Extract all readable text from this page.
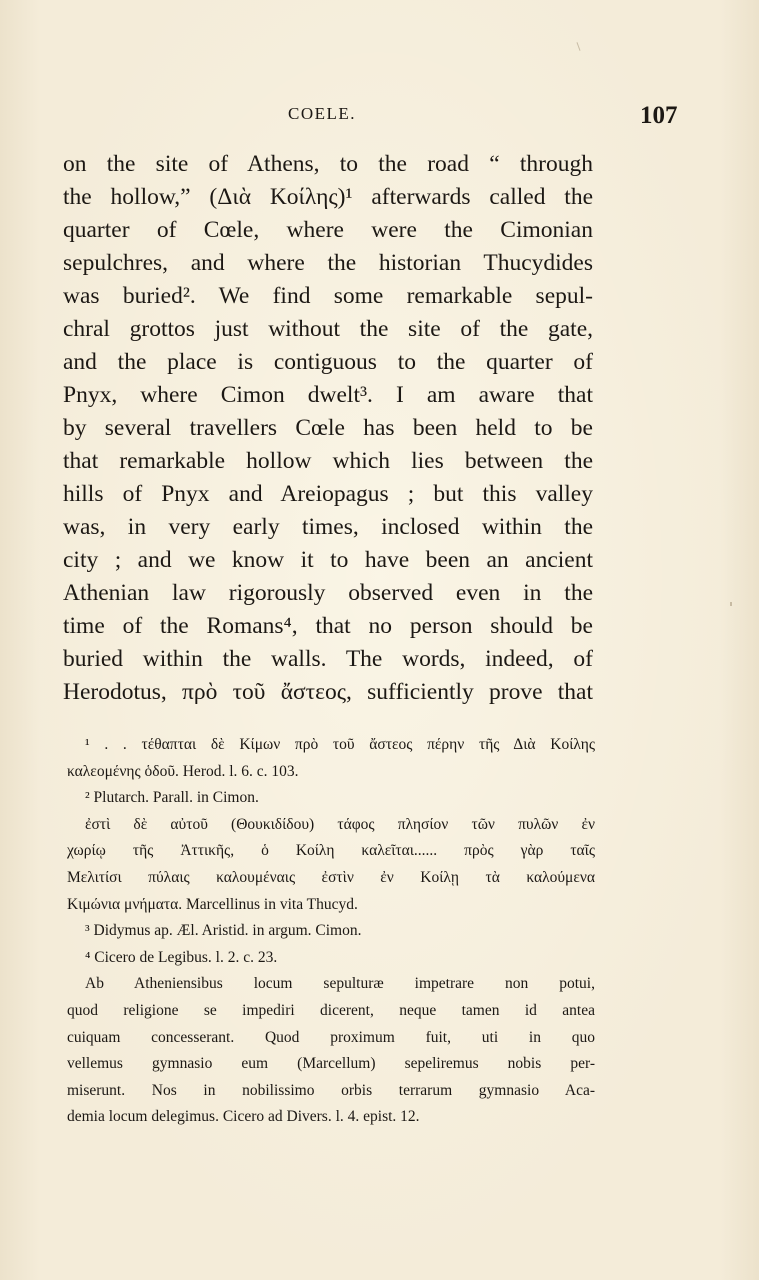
COELE.	107
on the site of Athens, to the road “ through
the hollow,” (Διὰ Κοίλης)¹ afterwards called the
quarter of Cœle, where were the Cimonian
sepulchres, and where the historian Thucydides
was buried². We find some remarkable sepul-
chral grottos just without the site of the gate,
and the place is contiguous to the quarter of
Pnyx, where Cimon dwelt³. I am aware that
by several travellers Cœle has been held to be
that remarkable hollow which lies between the
hills of Pnyx and Areiopagus ; but this valley
was, in very early times, inclosed within the
city ; and we know it to have been an ancient
Athenian law rigorously observed even in the
time of the Romans⁴, that no person should be
buried within the walls. The words, indeed, of
Herodotus, πρὸ τοῦ ἄστεος, sufficiently prove that
¹ . . τέθαπται δὲ Κίμων πρὸ τοῦ ἄστεος πέρην τῆς Διὰ Κοίλης
καλεομένης ὁδοῦ. Herod. l. 6. c. 103.
² Plutarch. Parall. in Cimon.
ἐστὶ δὲ αὐτοῦ (Θουκιδίδου) τάφος πλησίον τῶν πυλῶν ἐν
χωρίῳ τῆς Ἀττικῆς, ὁ Κοίλη καλεῖται...... πρὸς γὰρ ταῖς
Μελιτίσι πύλαις καλουμέναις ἐστὶν ἐν Κοίλῃ τὰ καλούμενα
Κιμώνια μνήματα. Marcellinus in vita Thucyd.
³ Didymus ap. Æl. Aristid. in argum. Cimon.
⁴ Cicero de Legibus. l. 2. c. 23.
Ab Atheniensibus locum sepulturæ impetrare non potui,
quod religione se impediri dicerent, neque tamen id antea
cuiquam concesserant. Quod proximum fuit, uti in quo
vellemus gymnasio eum (Marcellum) sepeliremus nobis per-
miserunt. Nos in nobilissimo orbis terrarum gymnasio Aca-
demia locum delegimus. Cicero ad Divers. l. 4. epist. 12.
